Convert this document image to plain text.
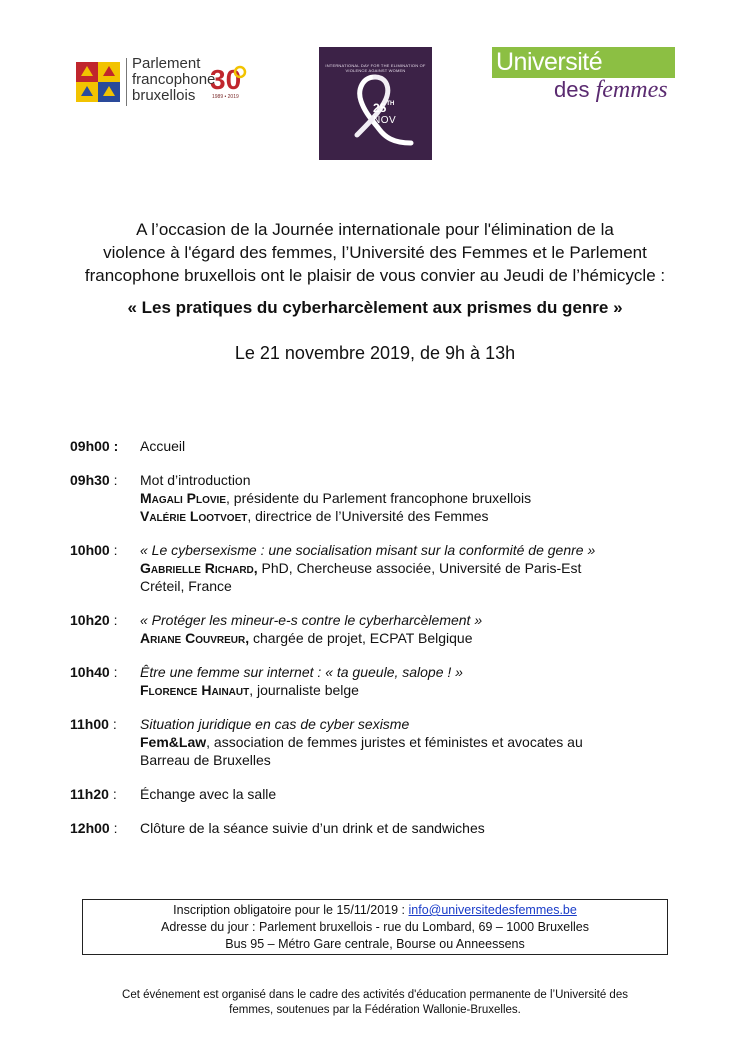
Parlement
francophone
bruxellois
30
1989 • 2019
INTERNATIONAL DAY FOR THE ELIMINATION OF VIOLENCE AGAINST WOMEN
25TH
NOV
Université
des femmes
A l’occasion de la Journée internationale pour l'élimination de la
violence à l'égard des femmes, l’Université des Femmes et le Parlement
francophone bruxellois ont le plaisir de vous convier au Jeudi de l’hémicycle :
« Les pratiques du cyberharcèlement aux prismes du genre »
Le 21 novembre 2019, de 9h à 13h
09h00 :	Accueil
09h30 :	Mot d’introduction
Magali Plovie, présidente du Parlement francophone bruxellois
Valérie Lootvoet, directrice de l’Université des Femmes
10h00 :	« Le cybersexisme : une socialisation misant sur la conformité de genre »
Gabrielle Richard, PhD, Chercheuse associée, Université de Paris-Est
Créteil, France
10h20 :	« Protéger les mineur-e-s contre le cyberharcèlement »
Ariane Couvreur, chargée de projet, ECPAT Belgique
10h40 :	Être une femme sur internet : « ta gueule, salope ! »
Florence Hainaut, journaliste belge
11h00 :	Situation juridique en cas de cyber sexisme
Fem&Law, association de femmes juristes et féministes et avocates au
Barreau de Bruxelles
11h20 :	Échange avec la salle
12h00 :	Clôture de la séance suivie d’un drink et de sandwiches
Inscription obligatoire pour le 15/11/2019 : info@universitedesfemmes.be
Adresse du jour : Parlement bruxellois - rue du Lombard, 69 – 1000 Bruxelles
Bus 95 – Métro Gare centrale, Bourse ou Anneessens
Cet événement est organisé dans le cadre des activités d'éducation permanente de l’Université des
femmes, soutenues par la Fédération Wallonie-Bruxelles.
